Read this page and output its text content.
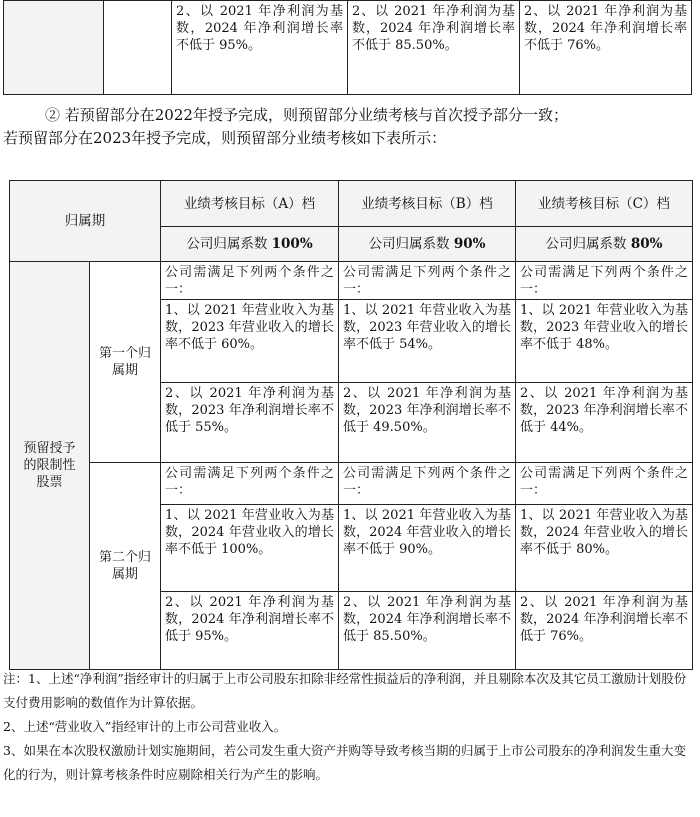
		2、以 2021 年净利润为基数，2024 年净利润增长率不低于 95%。	2、以 2021 年净利润为基数，2024 年净利润增长率不低于 85.50%。	2、以 2021 年净利润为基数，2024 年净利润增长率不低于 76%。
② 若预留部分在2022年授予完成，则预留部分业绩考核与首次授予部分一致；
若预留部分在2023年授予完成，则预留部分业绩考核如下表所示：
归属期		业绩考核目标（A）档	业绩考核目标（B）档	业绩考核目标（C）档
		公司归属系数 100%	公司归属系数 90%	公司归属系数 80%
预留授予的限制性股票	第一个归属期	公司需满足下列两个条件之一：	公司需满足下列两个条件之一：	公司需满足下列两个条件之一：
		1、以 2021 年营业收入为基数，2023 年营业收入的增长率不低于 60%。	1、以 2021 年营业收入为基数，2023 年营业收入的增长率不低于 54%。	1、以 2021 年营业收入为基数，2023 年营业收入的增长率不低于 48%。
		2、以 2021 年净利润为基数，2023 年净利润增长率不低于 55%。	2、以 2021 年净利润为基数，2023 年净利润增长率不低于 49.50%。	2、以 2021 年净利润为基数，2023 年净利润增长率不低于 44%。
	第二个归属期	公司需满足下列两个条件之一：	公司需满足下列两个条件之一：	公司需满足下列两个条件之一：
		1、以 2021 年营业收入为基数，2024 年营业收入的增长率不低于 100%。	1、以 2021 年营业收入为基数，2024 年营业收入的增长率不低于 90%。	1、以 2021 年营业收入为基数，2024 年营业收入的增长率不低于 80%。
		2、以 2021 年净利润为基数，2024 年净利润增长率不低于 95%。	2、以 2021 年净利润为基数，2024 年净利润增长率不低于 85.50%。	2、以 2021 年净利润为基数，2024 年净利润增长率不低于 76%。

注：1、上述“净利润”指经审计的归属于上市公司股东扣除非经常性损益后的净利润，并且剔除本次及其它员工激励计划股份支付费用影响的数值作为计算依据。

2、上述“营业收入”指经审计的上市公司营业收入。

3、如果在本次股权激励计划实施期间，若公司发生重大资产并购等导致考核当期的归属于上市公司股东的净利润发生重大变化的行为，则计算考核条件时应剔除相关行为产生的影响。
